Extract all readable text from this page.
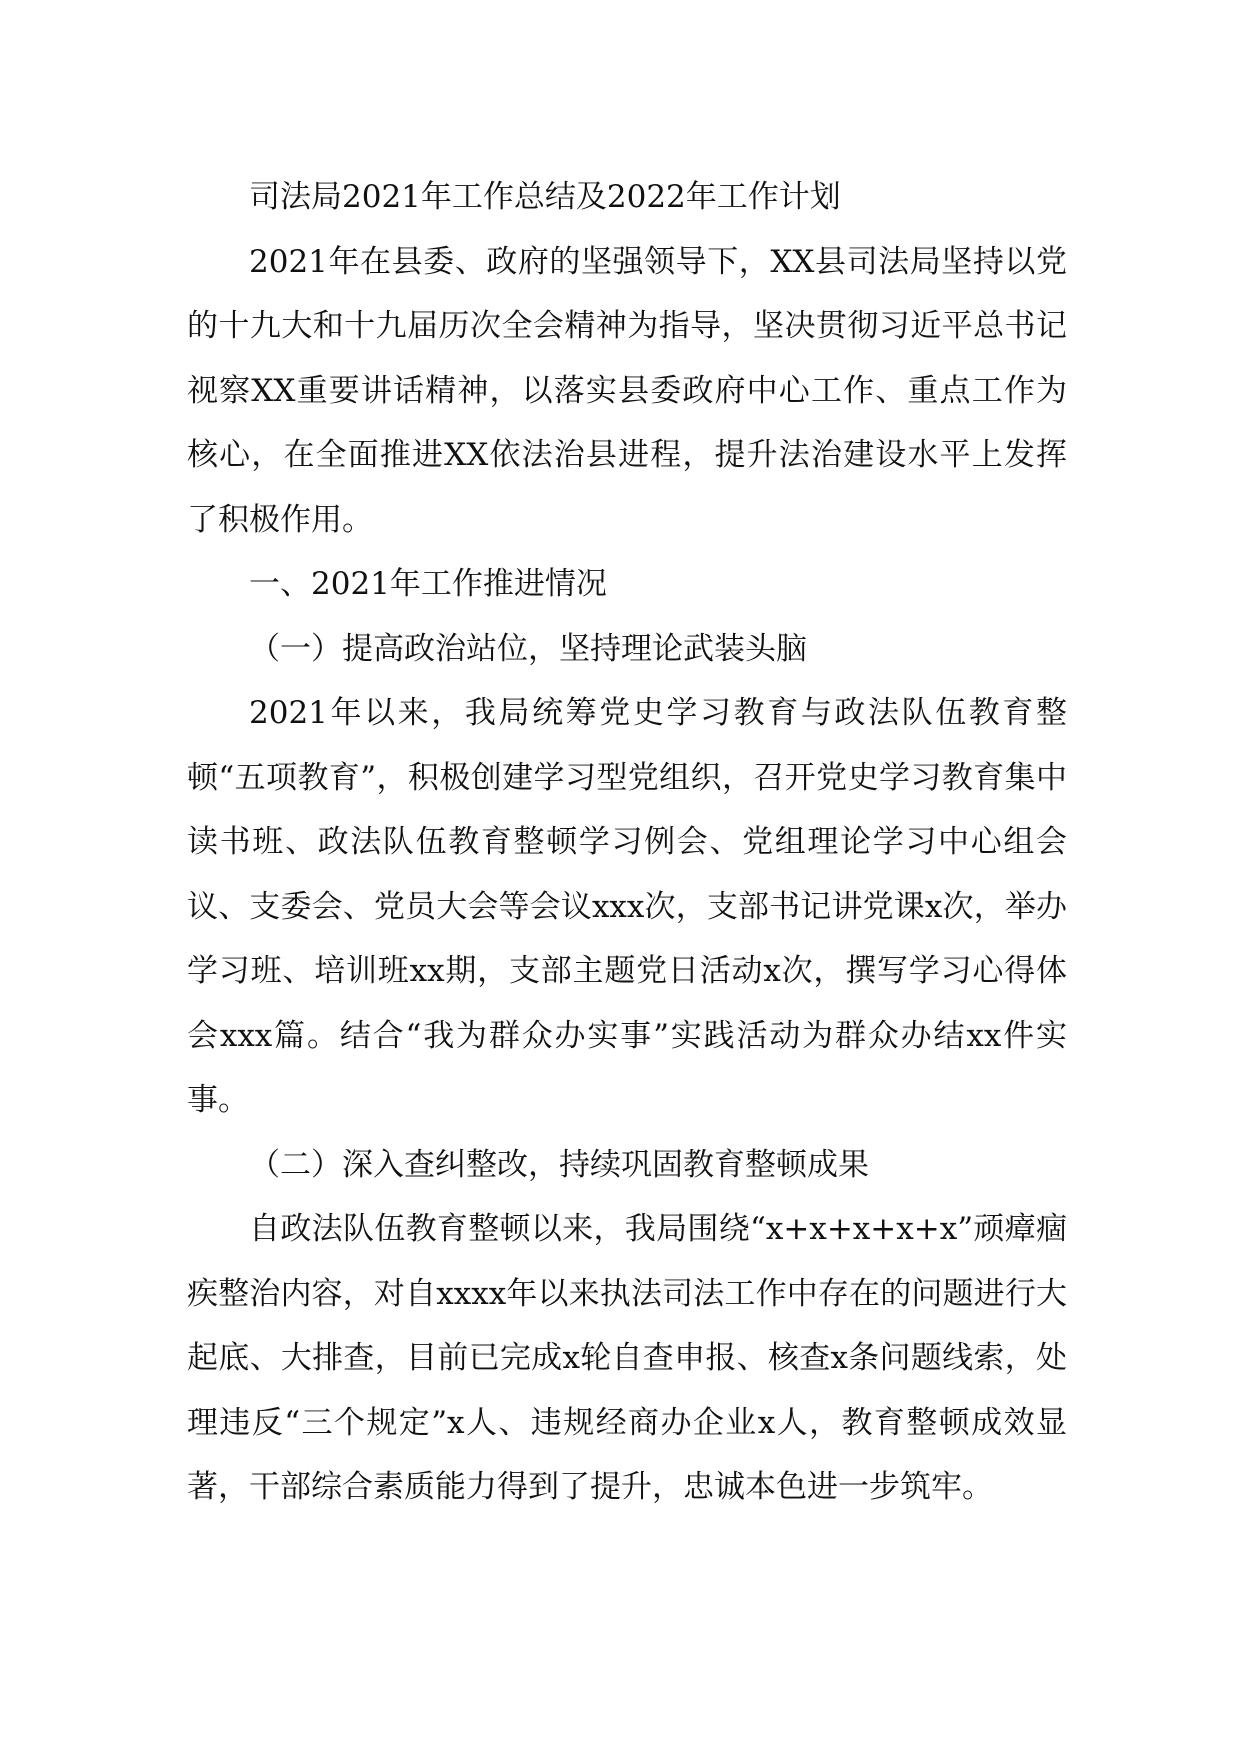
司法局2021年工作总结及2022年工作计划

2021年在县委、政府的坚强领导下，XX县司法局坚持以党的十九大和十九届历次全会精神为指导，坚决贯彻习近平总书记视察XX重要讲话精神，以落实县委政府中心工作、重点工作为核心，在全面推进XX依法治县进程，提升法治建设水平上发挥了积极作用。

一、2021年工作推进情况

（一）提高政治站位，坚持理论武装头脑

2021年以来，我局统筹党史学习教育与政法队伍教育整顿“五项教育”，积极创建学习型党组织，召开党史学习教育集中读书班、政法队伍教育整顿学习例会、党组理论学习中心组会议、支委会、党员大会等会议xxx次，支部书记讲党课x次，举办学习班、培训班xx期，支部主题党日活动x次，撰写学习心得体会xxx篇。结合“我为群众办实事”实践活动为群众办结xx件实事。

（二）深入查纠整改，持续巩固教育整顿成果

自政法队伍教育整顿以来，我局围绕“x+x+x+x+x”顽瘴痼疾整治内容，对自xxxx年以来执法司法工作中存在的问题进行大起底、大排查，目前已完成x轮自查申报、核查x条问题线索，处理违反“三个规定”x人、违规经商办企业x人，教育整顿成效显著，干部综合素质能力得到了提升，忠诚本色进一步筑牢。
